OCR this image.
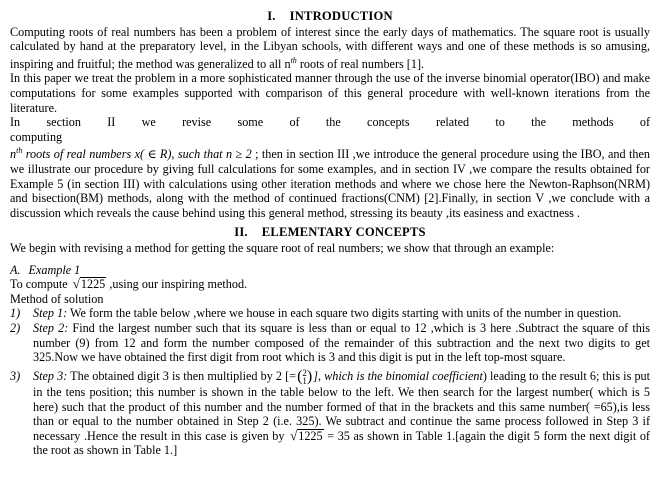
I. INTRODUCTION

Computing roots of real numbers has been a problem of interest since the early days of mathematics. The square root is usually calculated by hand at the preparatory level, in the Libyan schools, with different ways and one of these methods is so amusing, inspiring and fruitful; the method was generalized to all $n^{th}$ roots of real numbers [1].

In this paper we treat the problem in a more sophisticated manner through the use of the inverse binomial operator(IBO) and make computations for some examples supported with comparison of this general procedure with well-known iterations from the literature.

In section II we revise some of the concepts related to the methods of computing

$n^{th}$ roots of real numbers x( ∈ R), such that n ≥ 2 ; then in section III ,we introduce the general procedure using the IBO, and then we illustrate our procedure by giving full calculations for some examples, and in section IV ,we compare the results obtained for Example 5 (in section III) with calculations using other iteration methods and where we chose here the Newton-Raphson(NRM) and bisection(BM) methods, along with the method of continued fractions(CNM) [2].Finally, in section V ,we conclude with a discussion which reveals the cause behind using this general method, stressing its beauty ,its easiness and exactness .

II. ELEMENTARY CONCEPTS

We begin with revising a method for getting the square root of real numbers; we show that through an example:

A. Example 1

To compute √1225 ,using our inspiring method.

Method of solution

1)	Step 1: We form the table below ,where we house in each square two digits starting with units of the number in question.
2)	Step 2: Find the largest number such that its square is less than or equal to 12 ,which is 3 here .Subtract the square of this number (9) from 12 and form the number composed of the remainder of this subtraction and the next two digits to get 325.Now we have obtained the first digit from root which is 3 and this digit is put in the left top-most square.
3)	Step 3: The obtained digit 3 is then multiplied by 2 [=(2
1)], which is the binomial coefficient) leading to the result 6; this is put in the tens position; this number is shown in the table below to the left. We then search for the largest number( which is 5 here) such that the product of this number and the number formed of that in the brackets and this same number( =65),is less than or equal to the number obtained in Step 2 (i.e. 325). We subtract and continue the same process followed in Step 3 if necessary .Hence the result in this case is given by √1225 = 35 as shown in Table 1.[again the digit 5 form the next digit of the root as shown in Table 1.]
